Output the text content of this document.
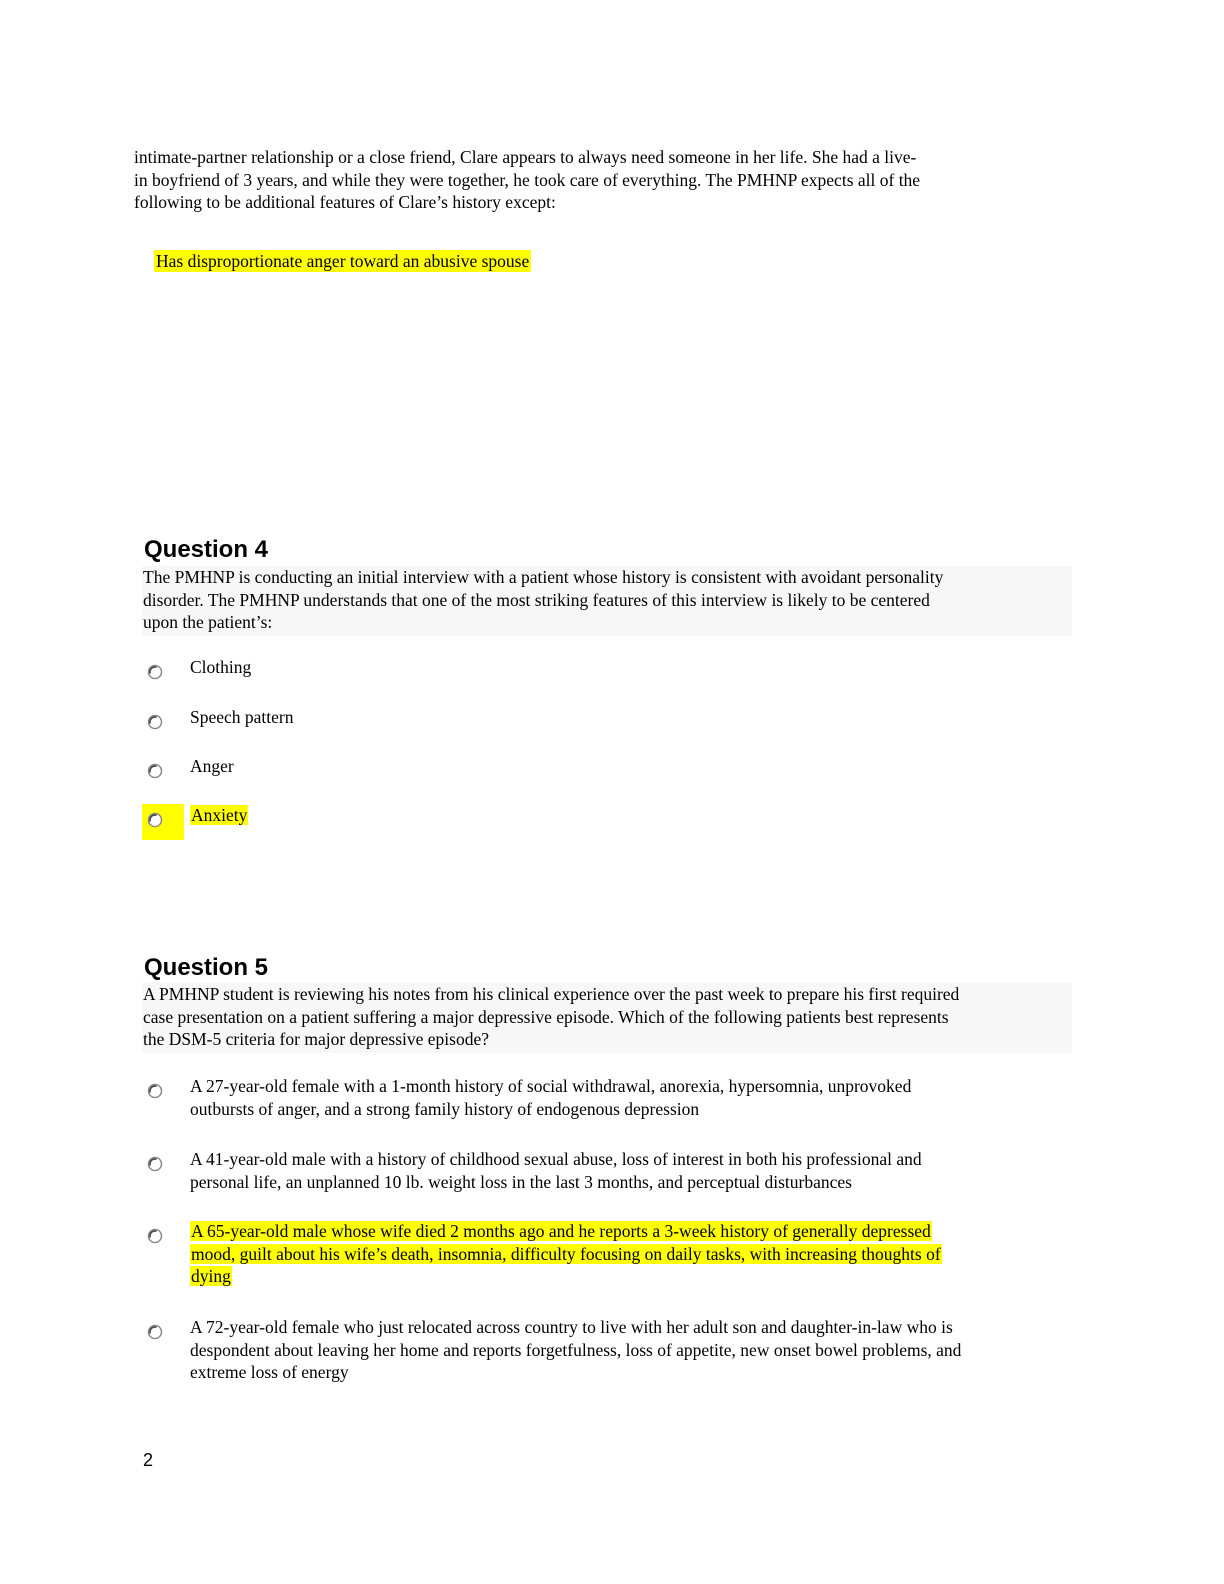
intimate-partner relationship or a close friend, Clare appears to always need someone in her life. She had a live-
in boyfriend of 3 years, and while they were together, he took care of everything. The PMHNP expects all of the
following to be additional features of Clare’s history except:
Has disproportionate anger toward an abusive spouse
Question 4
The PMHNP is conducting an initial interview with a patient whose history is consistent with avoidant personality
disorder. The PMHNP understands that one of the most striking features of this interview is likely to be centered
upon the patient’s:
Clothing
Speech pattern
Anger
Anxiety
Question 5
A PMHNP student is reviewing his notes from his clinical experience over the past week to prepare his first required
case presentation on a patient suffering a major depressive episode. Which of the following patients best represents
the DSM-5 criteria for major depressive episode?
A 27-year-old female with a 1-month history of social withdrawal, anorexia, hypersomnia, unprovoked
outbursts of anger, and a strong family history of endogenous depression
A 41-year-old male with a history of childhood sexual abuse, loss of interest in both his professional and
personal life, an unplanned 10 lb. weight loss in the last 3 months, and perceptual disturbances
A 65-year-old male whose wife died 2 months ago and he reports a 3-week history of generally depressed
mood, guilt about his wife’s death, insomnia, difficulty focusing on daily tasks, with increasing thoughts of
dying
A 72-year-old female who just relocated across country to live with her adult son and daughter-in-law who is
despondent about leaving her home and reports forgetfulness, loss of appetite, new onset bowel problems, and
extreme loss of energy
2
